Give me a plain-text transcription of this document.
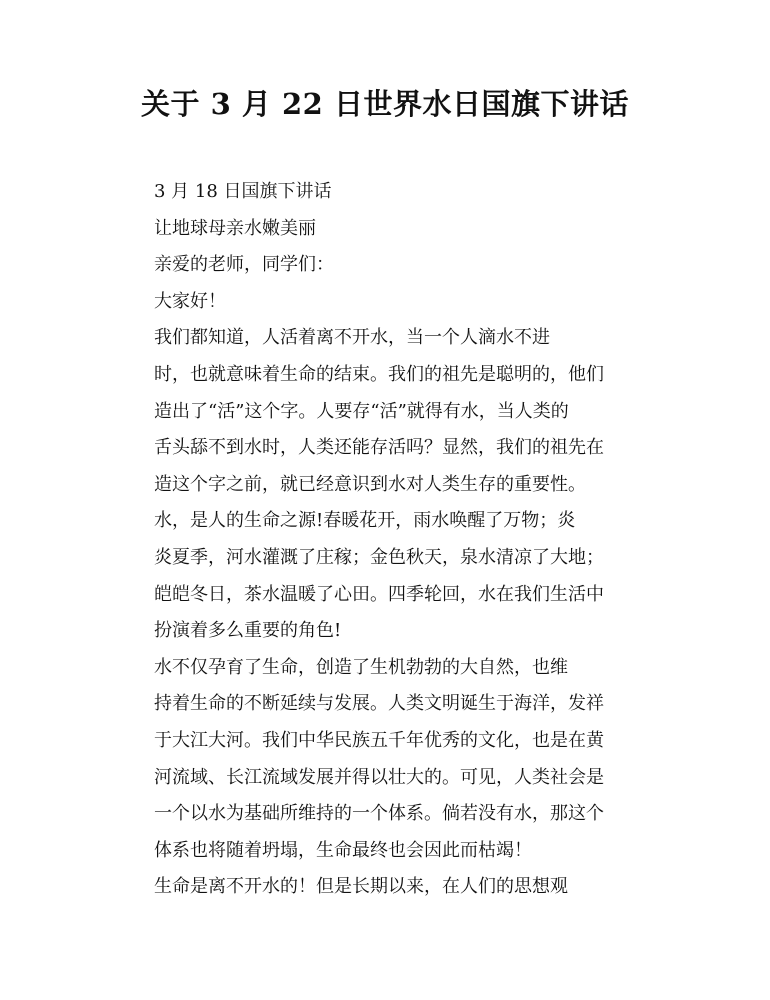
关于 3 月 22 日世界水日国旗下讲话

3 月 18 日国旗下讲话

让地球母亲水嫩美丽

亲爱的老师，同学们：

大家好！

我们都知道，人活着离不开水，当一个人滴水不进
时，也就意味着生命的结束。我们的祖先是聪明的，他们
造出了“活”这个字。人要存“活”就得有水，当人类的
舌头舔不到水时，人类还能存活吗？显然，我们的祖先在
造这个字之前，就已经意识到水对人类生存的重要性。

水，是人的生命之源!春暖花开，雨水唤醒了万物；炎
炎夏季，河水灌溉了庄稼；金色秋天，泉水清凉了大地；
皑皑冬日，茶水温暖了心田。四季轮回，水在我们生活中
扮演着多么重要的角色!

水不仅孕育了生命，创造了生机勃勃的大自然，也维
持着生命的不断延续与发展。人类文明诞生于海洋，发祥
于大江大河。我们中华民族五千年优秀的文化，也是在黄
河流域、长江流域发展并得以壮大的。可见，人类社会是
一个以水为基础所维持的一个体系。倘若没有水，那这个
体系也将随着坍塌，生命最终也会因此而枯竭！

生命是离不开水的！但是长期以来，在人们的思想观
